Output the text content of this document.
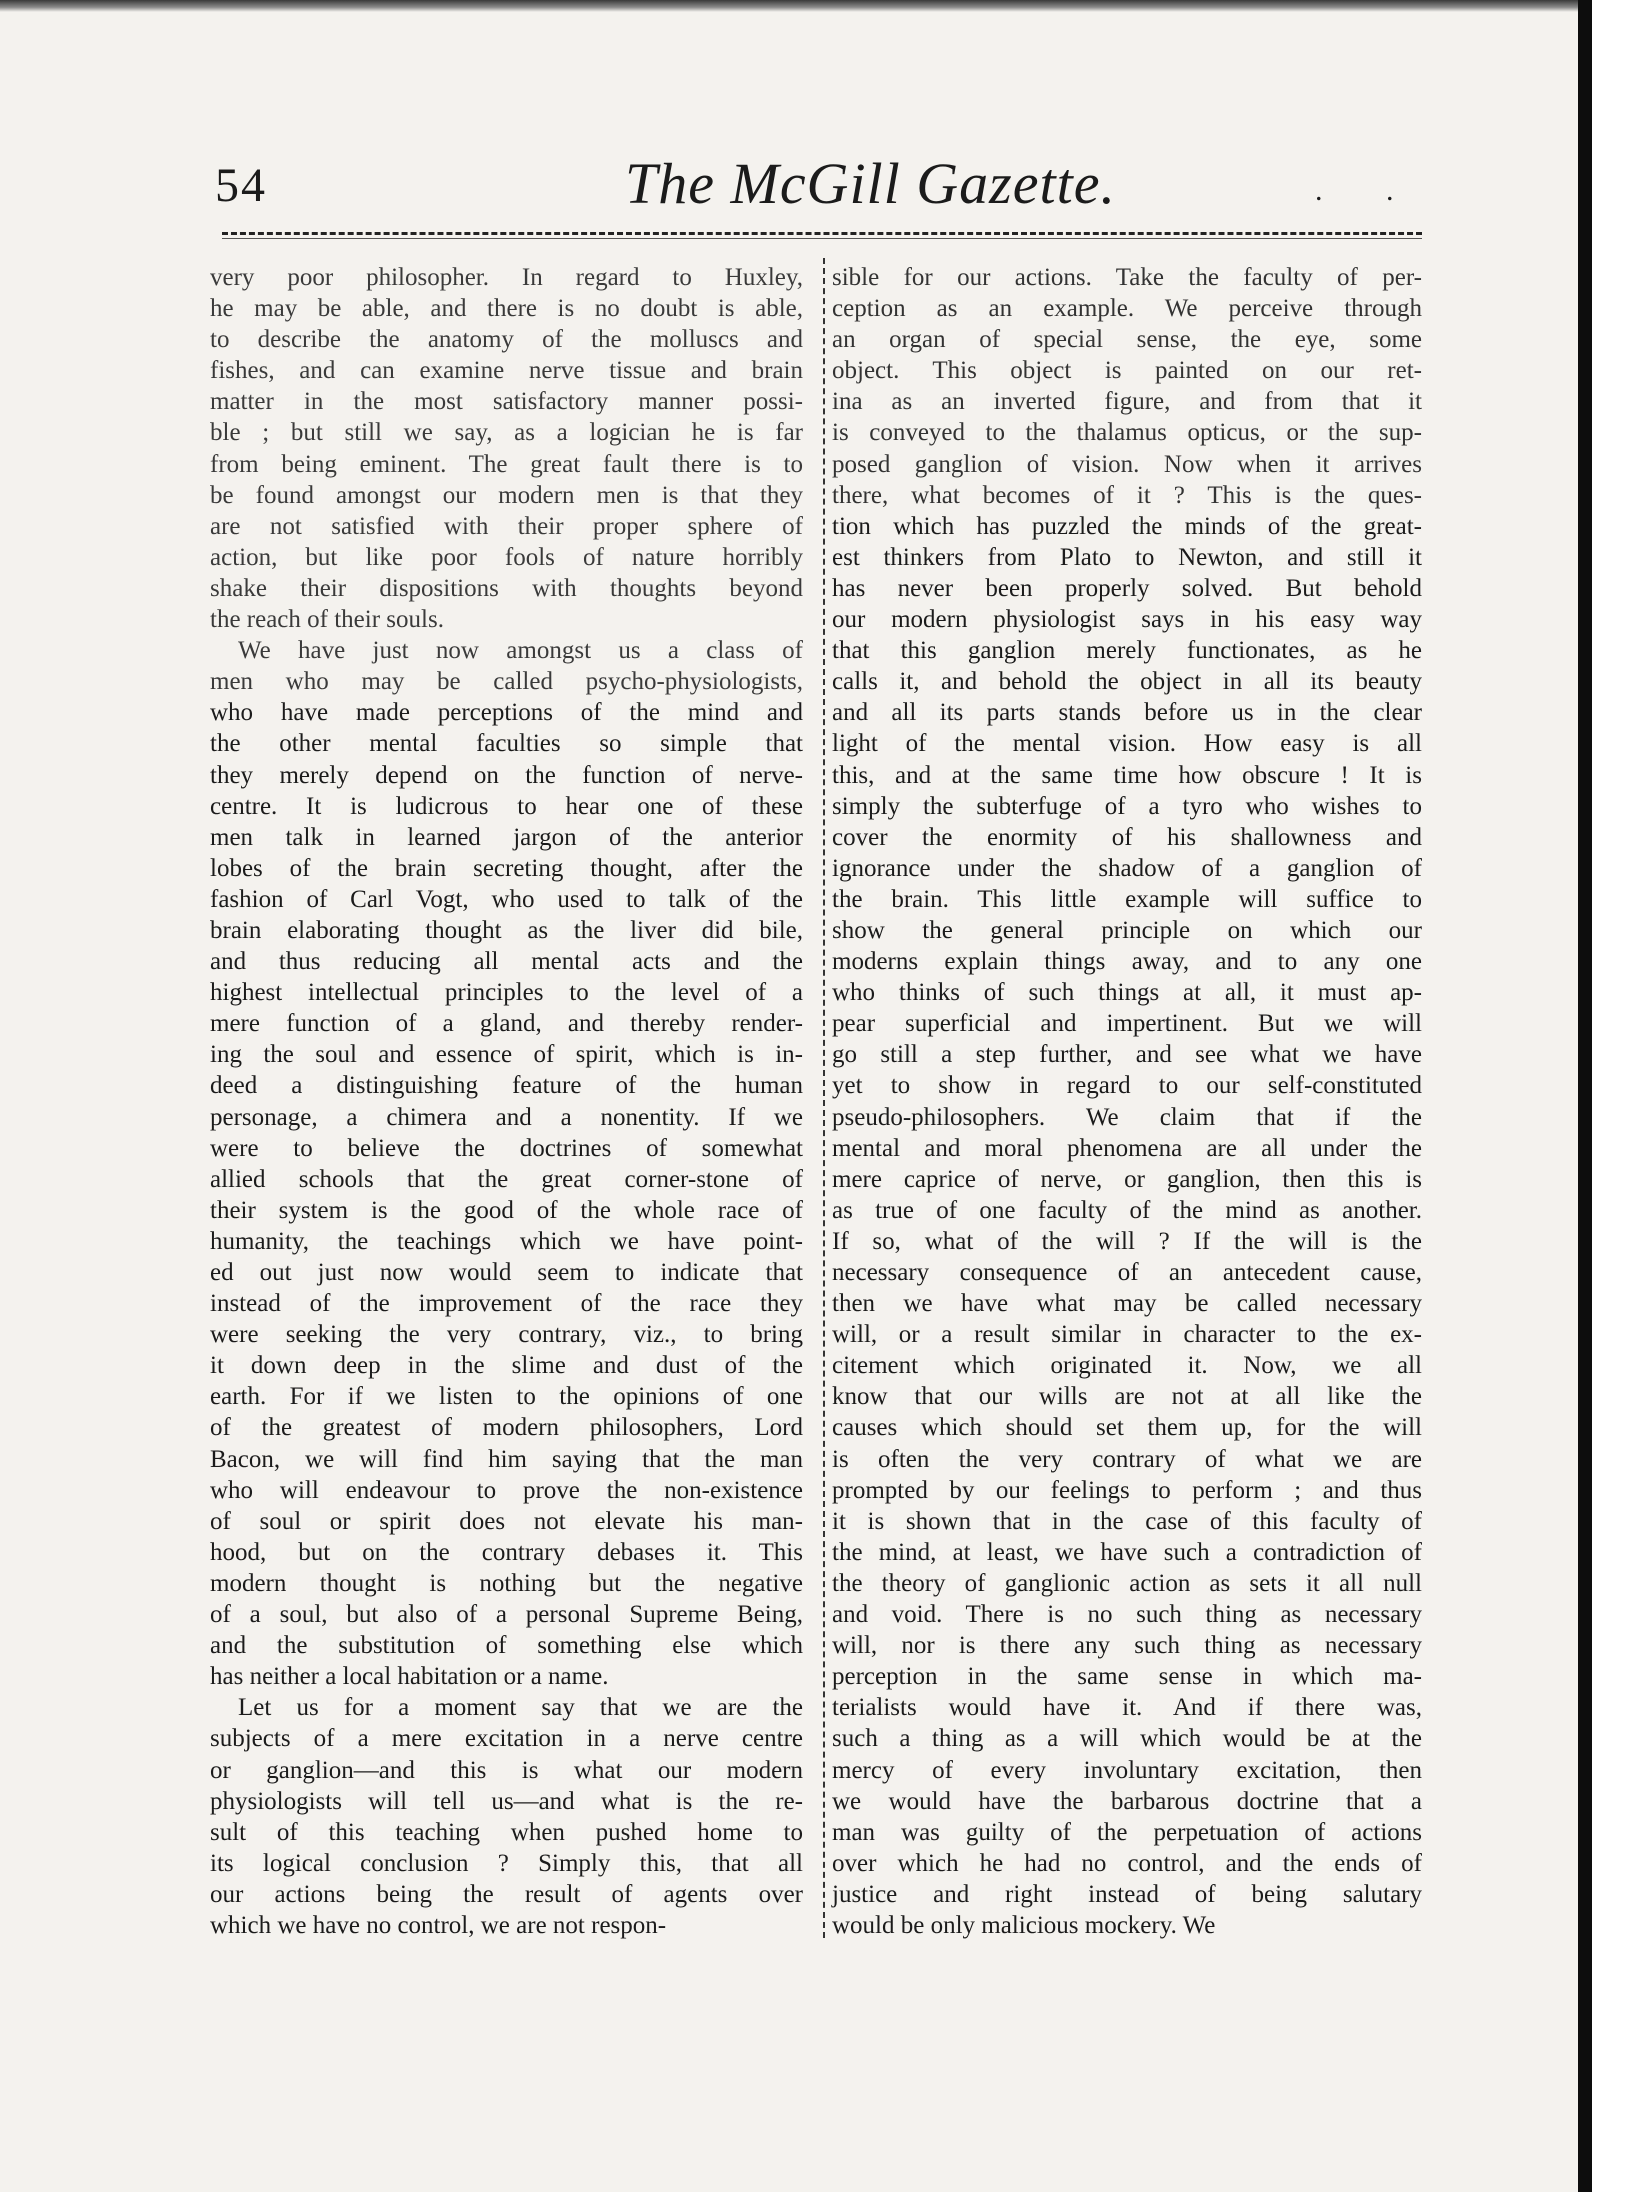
54	The McGill Gazette.	. .
very poor philosopher. In regard to Huxley,
he may be able, and there is no doubt is able,
to describe the anatomy of the molluscs and
fishes, and can examine nerve tissue and brain
matter in the most satisfactory manner possi-
ble ; but still we say, as a logician he is far
from being eminent. The great fault there is to
be found amongst our modern men is that they
are not satisfied with their proper sphere of
action, but like poor fools of nature horribly
shake their dispositions with thoughts beyond
the reach of their souls.
We have just now amongst us a class of
men who may be called psycho-physiologists,
who have made perceptions of the mind and
the other mental faculties so simple that
they merely depend on the function of nerve-
centre. It is ludicrous to hear one of these
men talk in learned jargon of the anterior
lobes of the brain secreting thought, after the
fashion of Carl Vogt, who used to talk of the
brain elaborating thought as the liver did bile,
and thus reducing all mental acts and the
highest intellectual principles to the level of a
mere function of a gland, and thereby render-
ing the soul and essence of spirit, which is in-
deed a distinguishing feature of the human
personage, a chimera and a nonentity. If we
were to believe the doctrines of somewhat
allied schools that the great corner-stone of
their system is the good of the whole race of
humanity, the teachings which we have point-
ed out just now would seem to indicate that
instead of the improvement of the race they
were seeking the very contrary, viz., to bring
it down deep in the slime and dust of the
earth. For if we listen to the opinions of one
of the greatest of modern philosophers, Lord
Bacon, we will find him saying that the man
who will endeavour to prove the non-existence
of soul or spirit does not elevate his man-
hood, but on the contrary debases it. This
modern thought is nothing but the negative
of a soul, but also of a personal Supreme Being,
and the substitution of something else which
has neither a local habitation or a name.
Let us for a moment say that we are the
subjects of a mere excitation in a nerve centre
or ganglion—and this is what our modern
physiologists will tell us—and what is the re-
sult of this teaching when pushed home to
its logical conclusion ? Simply this, that all
our actions being the result of agents over
which we have no control, we are not respon-
sible for our actions. Take the faculty of per-
ception as an example. We perceive through
an organ of special sense, the eye, some
object. This object is painted on our ret-
ina as an inverted figure, and from that it
is conveyed to the thalamus opticus, or the sup-
posed ganglion of vision. Now when it arrives
there, what becomes of it ? This is the ques-
tion which has puzzled the minds of the great-
est thinkers from Plato to Newton, and still it
has never been properly solved. But behold
our modern physiologist says in his easy way
that this ganglion merely functionates, as he
calls it, and behold the object in all its beauty
and all its parts stands before us in the clear
light of the mental vision. How easy is all
this, and at the same time how obscure ! It is
simply the subterfuge of a tyro who wishes to
cover the enormity of his shallowness and
ignorance under the shadow of a ganglion of
the brain. This little example will suffice to
show the general principle on which our
moderns explain things away, and to any one
who thinks of such things at all, it must ap-
pear superficial and impertinent. But we will
go still a step further, and see what we have
yet to show in regard to our self-constituted
pseudo-philosophers. We claim that if the
mental and moral phenomena are all under the
mere caprice of nerve, or ganglion, then this is
as true of one faculty of the mind as another.
If so, what of the will ? If the will is the
necessary consequence of an antecedent cause,
then we have what may be called necessary
will, or a result similar in character to the ex-
citement which originated it. Now, we all
know that our wills are not at all like the
causes which should set them up, for the will
is often the very contrary of what we are
prompted by our feelings to perform ; and thus
it is shown that in the case of this faculty of
the mind, at least, we have such a contradiction of
the theory of ganglionic action as sets it all null
and void. There is no such thing as necessary
will, nor is there any such thing as necessary
perception in the same sense in which ma-
terialists would have it. And if there was,
such a thing as a will which would be at the
mercy of every involuntary excitation, then
we would have the barbarous doctrine that a
man was guilty of the perpetuation of actions
over which he had no control, and the ends of
justice and right instead of being salutary
would be only malicious mockery. We
